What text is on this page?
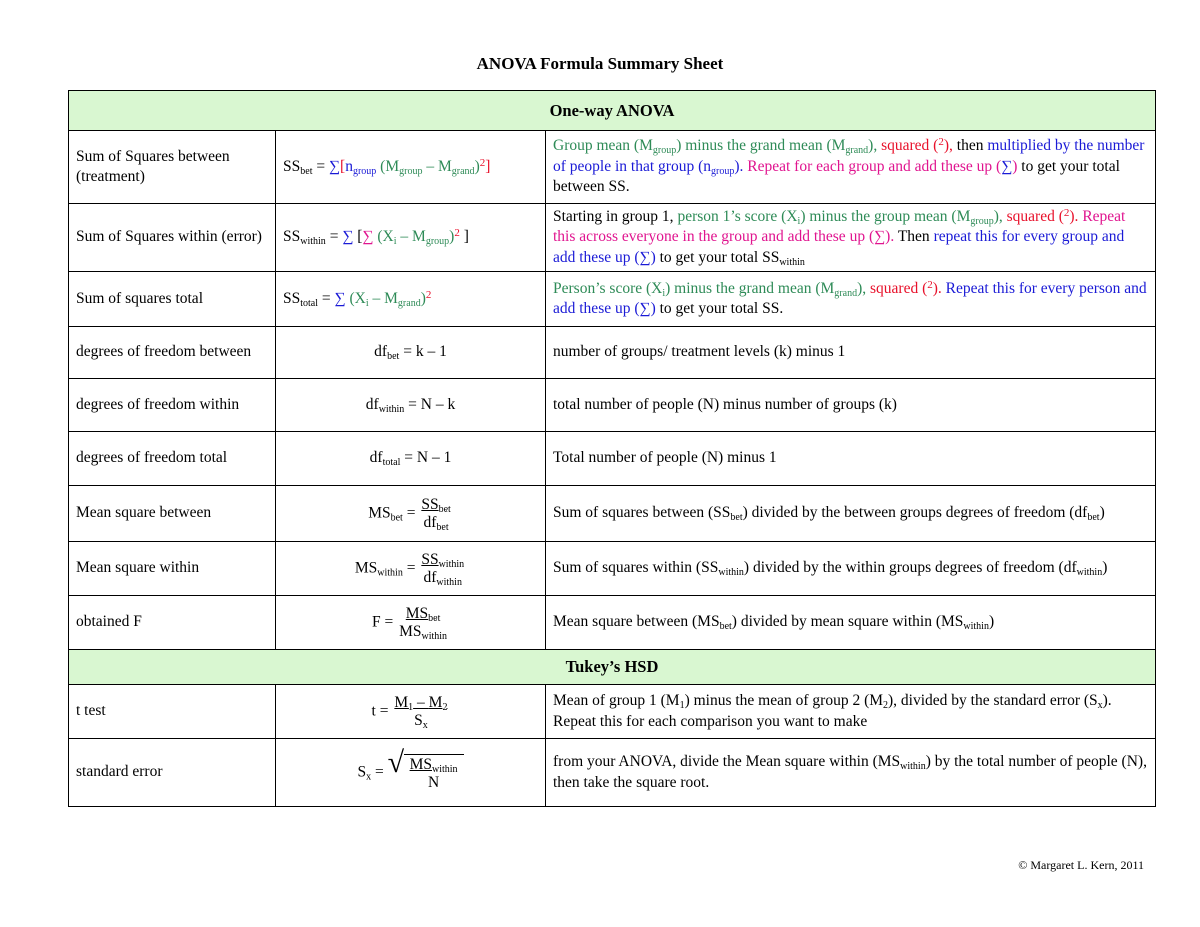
ANOVA Formula Summary Sheet
One-way ANOVA		
Sum of Squares between (treatment)	$SS_{bet} = \sum[n_{group}$ $(M_{group} - M_{grand})^2$]	Group mean $(M_{group})$ minus the grand mean $(M_{grand})$, squared ($^2$), then multiplied by the number of people in that group $(n_{group})$. Repeat for each group and add these up (∑) to get your total between SS.
Sum of Squares within (error)	$SS_{within}$ = ∑ [∑ $(X_i - M_{group})^2$ ]	Starting in group 1, person 1’s score $(X_i)$ minus the group mean $(M_{group})$, squared ($^2$). Repeat this across everyone in the group and add these up (∑). Then repeat this for every group and add these up (∑) to get your total $SS_{within}$
Sum of squares total	$SS_{total}$ = ∑ $(X_i - M_{grand})^2$	Person’s score $(X_i)$ minus the grand mean $(M_{grand})$, squared ($^2$). Repeat this for every person and add these up (∑) to get your total SS.
degrees of freedom between	$df_{bet} = k - 1$	number of groups/ treatment levels (k) minus 1
degrees of freedom within	$df_{within} = N - k$	total number of people (N) minus number of groups (k)
degrees of freedom total	$df_{total} = N - 1$	Total number of people (N) minus 1
Mean square between	$MS_{bet} = \frac{SS_{bet}}{df_{bet}}$	Sum of squares between $(SS_{bet})$ divided by the between groups degrees of freedom $(df_{bet})$
Mean square within	$MS_{within} = \frac{SS_{within}}{df_{within}}$	Sum of squares within $(SS_{within})$ divided by the within groups degrees of freedom $(df_{within})$
obtained F	$F = \frac{MS_{bet}}{MS_{within}}$	Mean square between $(MS_{bet})$ divided by mean square within $(MS_{within})$
Tukey’s HSD		
t test	$t = \frac{M_1 - M_2}{S_x}$	Mean of group 1 $(M_1)$ minus the mean of group 2 $(M_2)$, divided by the standard error $(S_x)$. Repeat this for each comparison you want to make
standard error	$S_x$ = √ $\frac{MS_{within}}{N}$	from your ANOVA, divide the Mean square within $(MS_{within})$ by the total number of people (N), then take the square root.
© Margaret L. Kern, 2011
